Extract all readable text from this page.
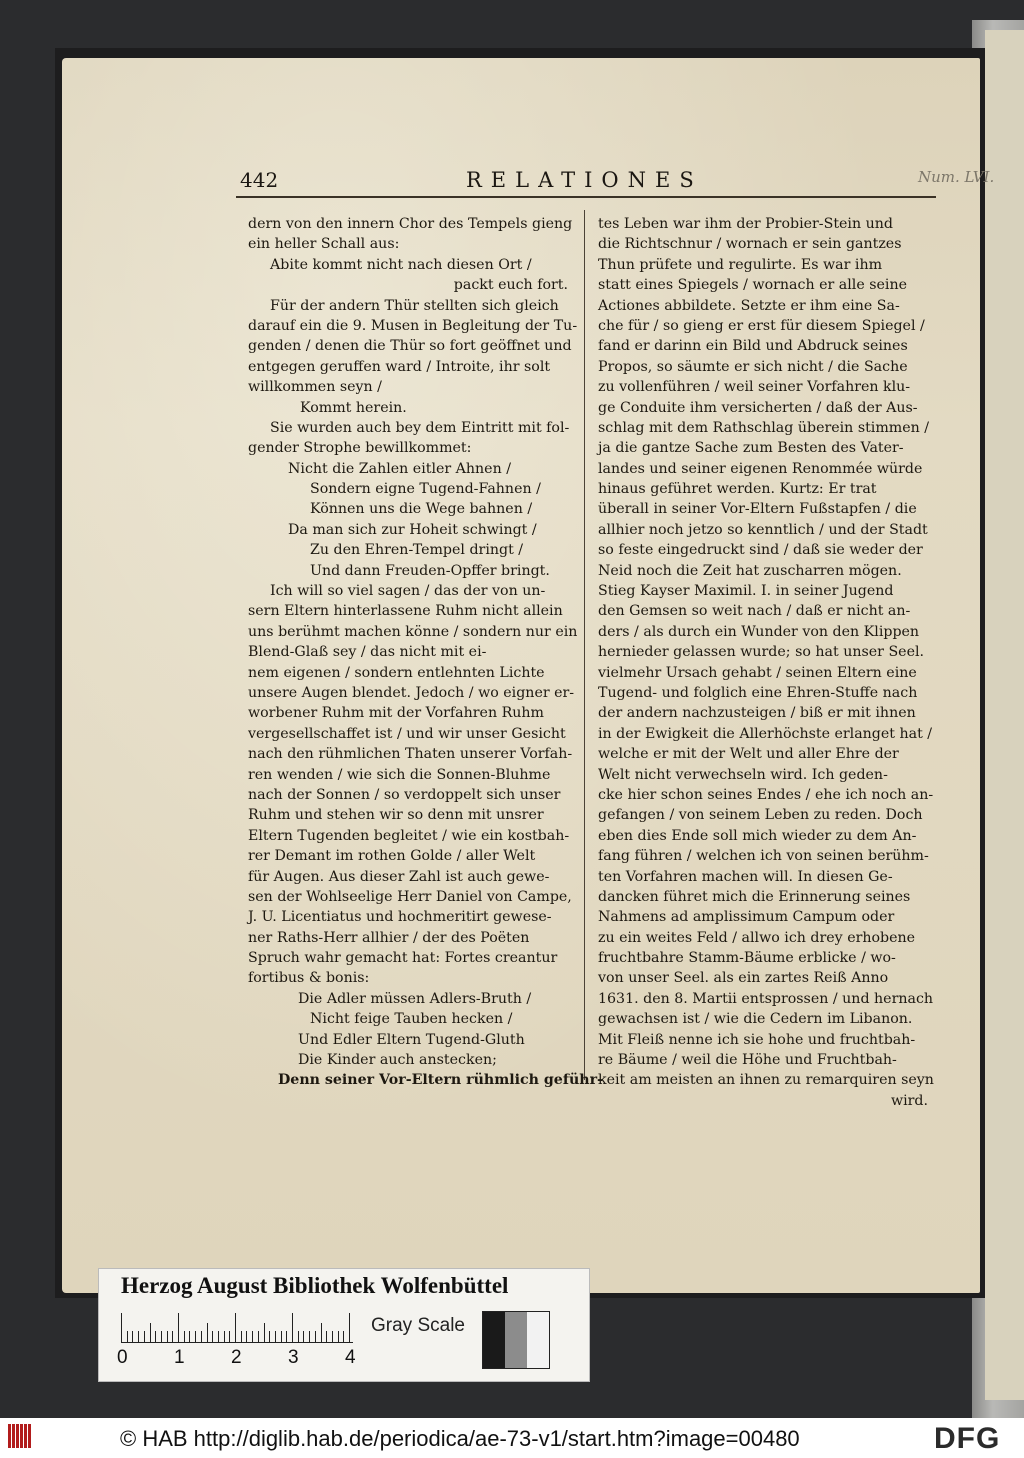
442	RELATIONES	Num. LVI.
dern von den innern Chor des Tempels gieng
ein heller Schall aus:
Abite kommt nicht nach diesen Ort /
packt euch fort.
Für der andern Thür stellten sich gleich
darauf ein die 9. Musen in Begleitung der Tu-
genden / denen die Thür so fort geöffnet und
entgegen geruffen ward / Introite, ihr solt
willkommen seyn /
Kommt herein.
Sie wurden auch bey dem Eintritt mit fol-
gender Strophe bewillkommet:
Nicht die Zahlen eitler Ahnen /
Sondern eigne Tugend-Fahnen /
Können uns die Wege bahnen /
Da man sich zur Hoheit schwingt /
Zu den Ehren-Tempel dringt /
Und dann Freuden-Opffer bringt.
Ich will so viel sagen / das der von un-
sern Eltern hinterlassene Ruhm nicht allein
uns berühmt machen könne / sondern nur ein
Blend-Glaß sey / das nicht mit ei-
nem eigenen / sondern entlehnten Lichte
unsere Augen blendet. Jedoch / wo eigner er-
worbener Ruhm mit der Vorfahren Ruhm
vergesellschaffet ist / und wir unser Gesicht
nach den rühmlichen Thaten unserer Vorfah-
ren wenden / wie sich die Sonnen-Bluhme
nach der Sonnen / so verdoppelt sich unser
Ruhm und stehen wir so denn mit unsrer
Eltern Tugenden begleitet / wie ein kostbah-
rer Demant im rothen Golde / aller Welt
für Augen. Aus dieser Zahl ist auch gewe-
sen der Wohlseelige Herr Daniel von Campe,
J. U. Licentiatus und hochmeritirt gewese-
ner Raths-Herr allhier / der des Poëten
Spruch wahr gemacht hat: Fortes creantur
fortibus & bonis:
Die Adler müssen Adlers-Bruth /
Nicht feige Tauben hecken /
Und Edler Eltern Tugend-Gluth
Die Kinder auch anstecken;
Denn seiner Vor-Eltern rühmlich geführ-
tes Leben war ihm der Probier-Stein und
die Richtschnur / wornach er sein gantzes
Thun prüfete und regulirte. Es war ihm
statt eines Spiegels / wornach er alle seine
Actiones abbildete. Setzte er ihm eine Sa-
che für / so gieng er erst für diesem Spiegel /
fand er darinn ein Bild und Abdruck seines
Propos, so säumte er sich nicht / die Sache
zu vollenführen / weil seiner Vorfahren klu-
ge Conduite ihm versicherten / daß der Aus-
schlag mit dem Rathschlag überein stimmen /
ja die gantze Sache zum Besten des Vater-
landes und seiner eigenen Renommée würde
hinaus geführet werden. Kurtz: Er trat
überall in seiner Vor-Eltern Fußstapfen / die
allhier noch jetzo so kenntlich / und der Stadt
so feste eingedruckt sind / daß sie weder der
Neid noch die Zeit hat zuscharren mögen.
Stieg Kayser Maximil. I. in seiner Jugend
den Gemsen so weit nach / daß er nicht an-
ders / als durch ein Wunder von den Klippen
hernieder gelassen wurde; so hat unser Seel.
vielmehr Ursach gehabt / seinen Eltern eine
Tugend- und folglich eine Ehren-Stuffe nach
der andern nachzusteigen / biß er mit ihnen
in der Ewigkeit die Allerhöchste erlanget hat /
welche er mit der Welt und aller Ehre der
Welt nicht verwechseln wird. Ich geden-
cke hier schon seines Endes / ehe ich noch an-
gefangen / von seinem Leben zu reden. Doch
eben dies Ende soll mich wieder zu dem An-
fang führen / welchen ich von seinen berühm-
ten Vorfahren machen will. In diesen Ge-
dancken führet mich die Erinnerung seines
Nahmens ad amplissimum Campum oder
zu ein weites Feld / allwo ich drey erhobene
fruchtbahre Stamm-Bäume erblicke / wo-
von unser Seel. als ein zartes Reiß Anno
1631. den 8. Martii entsprossen / und hernach
gewachsen ist / wie die Cedern im Libanon.
Mit Fleiß nenne ich sie hohe und fruchtbah-
re Bäume / weil die Höhe und Fruchtbah-
keit am meisten an ihnen zu remarquiren seyn
wird.
Herzog August Bibliothek Wolfenbüttel
0 1 2 3 4
Gray Scale
© HAB http://diglib.hab.de/periodica/ae-73-v1/start.htm?image=00480	DFG
